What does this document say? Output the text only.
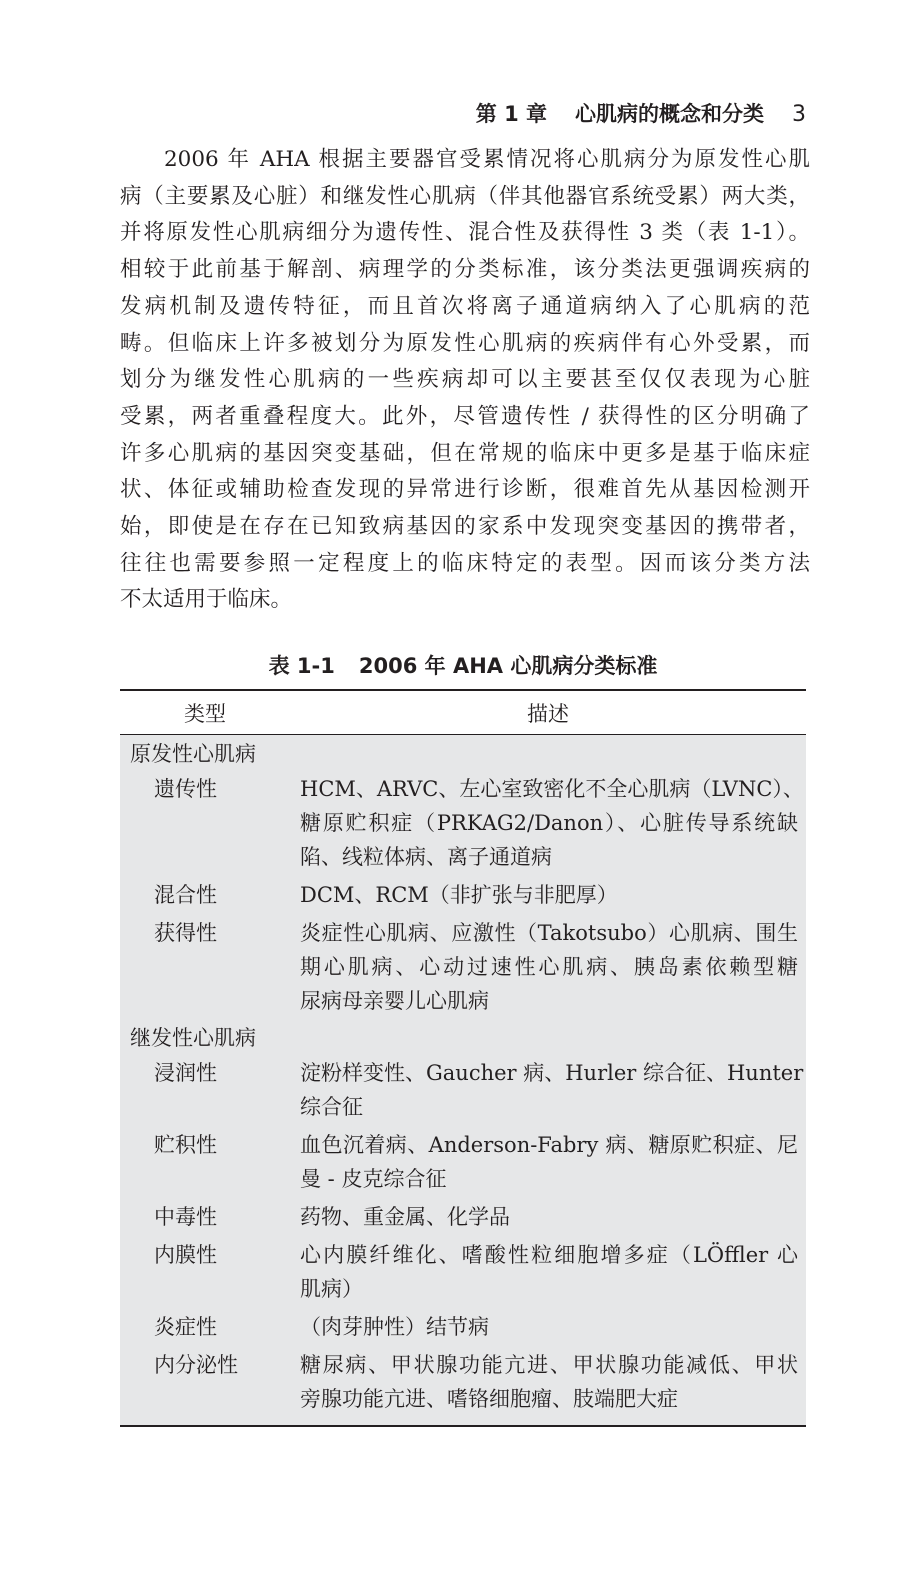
第 1 章 心肌病的概念和分类 3
2006 年 AHA 根据主要器官受累情况将心肌病分为原发性心肌
病（主要累及心脏）和继发性心肌病（伴其他器官系统受累）两大类，
并将原发性心肌病细分为遗传性、混合性及获得性 3 类（表 1-1）。
相较于此前基于解剖、病理学的分类标准，该分类法更强调疾病的
发病机制及遗传特征，而且首次将离子通道病纳入了心肌病的范
畴。但临床上许多被划分为原发性心肌病的疾病伴有心外受累，而
划分为继发性心肌病的一些疾病却可以主要甚至仅仅表现为心脏
受累，两者重叠程度大。此外，尽管遗传性 / 获得性的区分明确了
许多心肌病的基因突变基础，但在常规的临床中更多是基于临床症
状、体征或辅助检查发现的异常进行诊断，很难首先从基因检测开
始，即使是在存在已知致病基因的家系中发现突变基因的携带者，
往往也需要参照一定程度上的临床特定的表型。因而该分类方法
不太适用于临床。
表 1-1 2006 年 AHA 心肌病分类标准
类型	描述
原发性心肌病
遗传性	HCM、ARVC、左心室致密化不全心肌病（LVNC）、
糖原贮积症（PRKAG2/Danon）、心脏传导系统缺
陷、线粒体病、离子通道病
混合性	DCM、RCM（非扩张与非肥厚）
获得性	炎症性心肌病、应激性（Takotsubo）心肌病、围生
期心肌病、心动过速性心肌病、胰岛素依赖型糖
尿病母亲婴儿心肌病
继发性心肌病
浸润性	淀粉样变性、Gaucher 病、Hurler 综合征、Hunter
综合征
贮积性	血色沉着病、Anderson-Fabry 病、糖原贮积症、尼
曼 - 皮克综合征
中毒性	药物、重金属、化学品
内膜性	心内膜纤维化、嗜酸性粒细胞增多症（LÖffler 心
肌病）
炎症性	（肉芽肿性）结节病
内分泌性	糖尿病、甲状腺功能亢进、甲状腺功能减低、甲状
旁腺功能亢进、嗜铬细胞瘤、肢端肥大症
